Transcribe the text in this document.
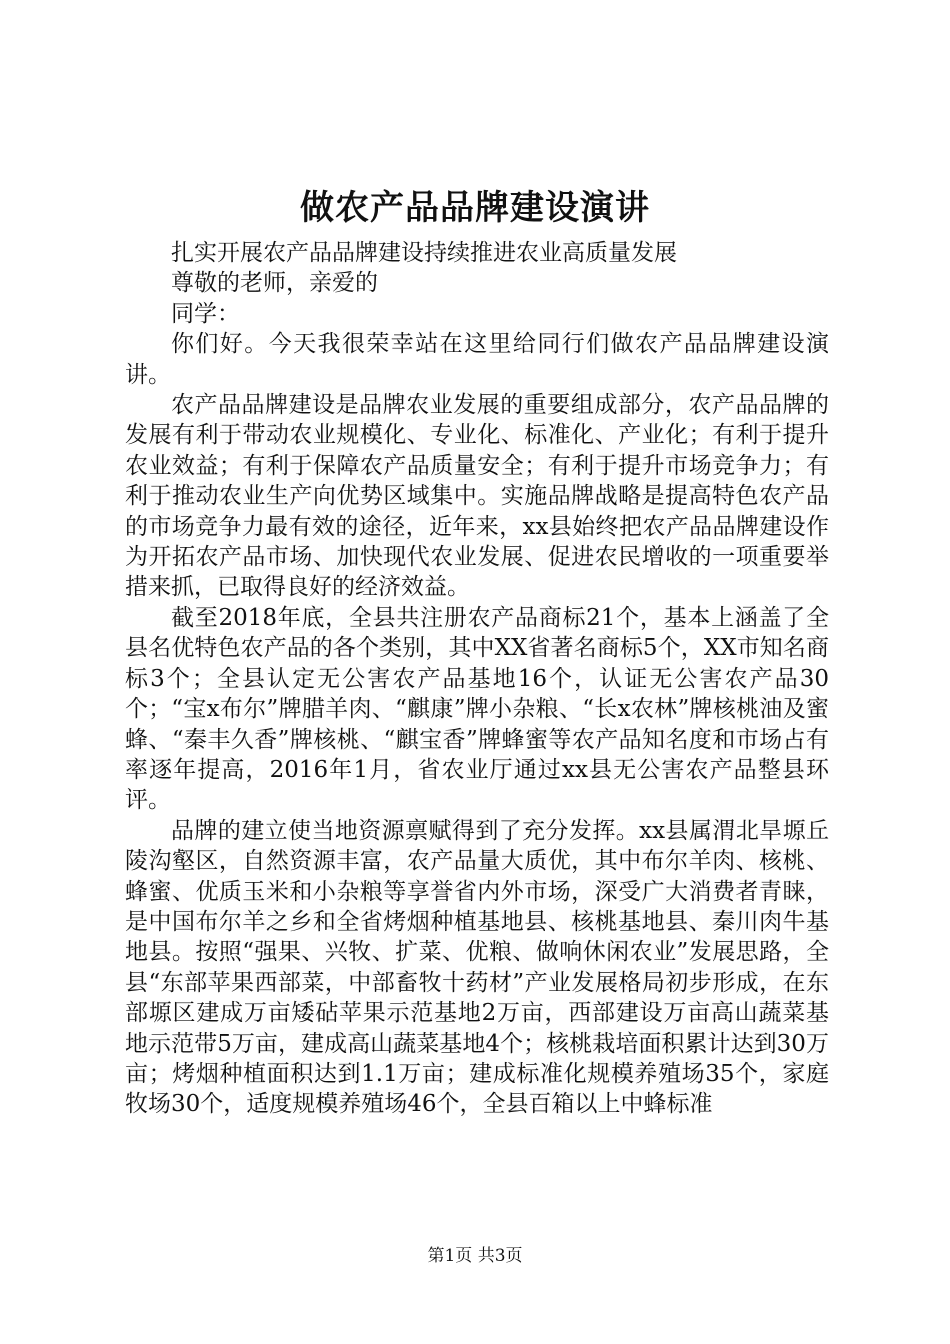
做农产品品牌建设演讲

扎实开展农产品品牌建设持续推进农业高质量发展

尊敬的老师，亲爱的

同学：

你们好。今天我很荣幸站在这里给同行们做农产品品牌建设演讲。

农产品品牌建设是品牌农业发展的重要组成部分，农产品品牌的发展有利于带动农业规模化、专业化、标准化、产业化；有利于提升农业效益；有利于保障农产品质量安全；有利于提升市场竞争力；有利于推动农业生产向优势区域集中。实施品牌战略是提高特色农产品的市场竞争力最有效的途径，近年来，xx县始终把农产品品牌建设作为开拓农产品市场、加快现代农业发展、促进农民增收的一项重要举措来抓，已取得良好的经济效益。

截至2018年底，全县共注册农产品商标21个，基本上涵盖了全县名优特色农产品的各个类别，其中XX省著名商标5个，XX市知名商标3个；全县认定无公害农产品基地16个，认证无公害农产品30个；“宝x布尔”牌腊羊肉、“麒康”牌小杂粮、“长x农林”牌核桃油及蜜蜂、“秦丰久香”牌核桃、“麒宝香”牌蜂蜜等农产品知名度和市场占有率逐年提高，2016年1月，省农业厅通过xx县无公害农产品整县环评。

品牌的建立使当地资源禀赋得到了充分发挥。xx县属渭北旱塬丘陵沟壑区，自然资源丰富，农产品量大质优，其中布尔羊肉、核桃、蜂蜜、优质玉米和小杂粮等享誉省内外市场，深受广大消费者青睐，是中国布尔羊之乡和全省烤烟种植基地县、核桃基地县、秦川肉牛基地县。按照“强果、兴牧、扩菜、优粮、做响休闲农业”发展思路，全县“东部苹果西部菜，中部畜牧十药材”产业发展格局初步形成，在东部塬区建成万亩矮砧苹果示范基地2万亩，西部建设万亩高山蔬菜基地示范带5万亩，建成高山蔬菜基地4个；核桃栽培面积累计达到30万亩；烤烟种植面积达到1.1万亩；建成标准化规模养殖场35个，家庭牧场30个，适度规模养殖场46个，全县百箱以上中蜂标准

第1页 共3页
